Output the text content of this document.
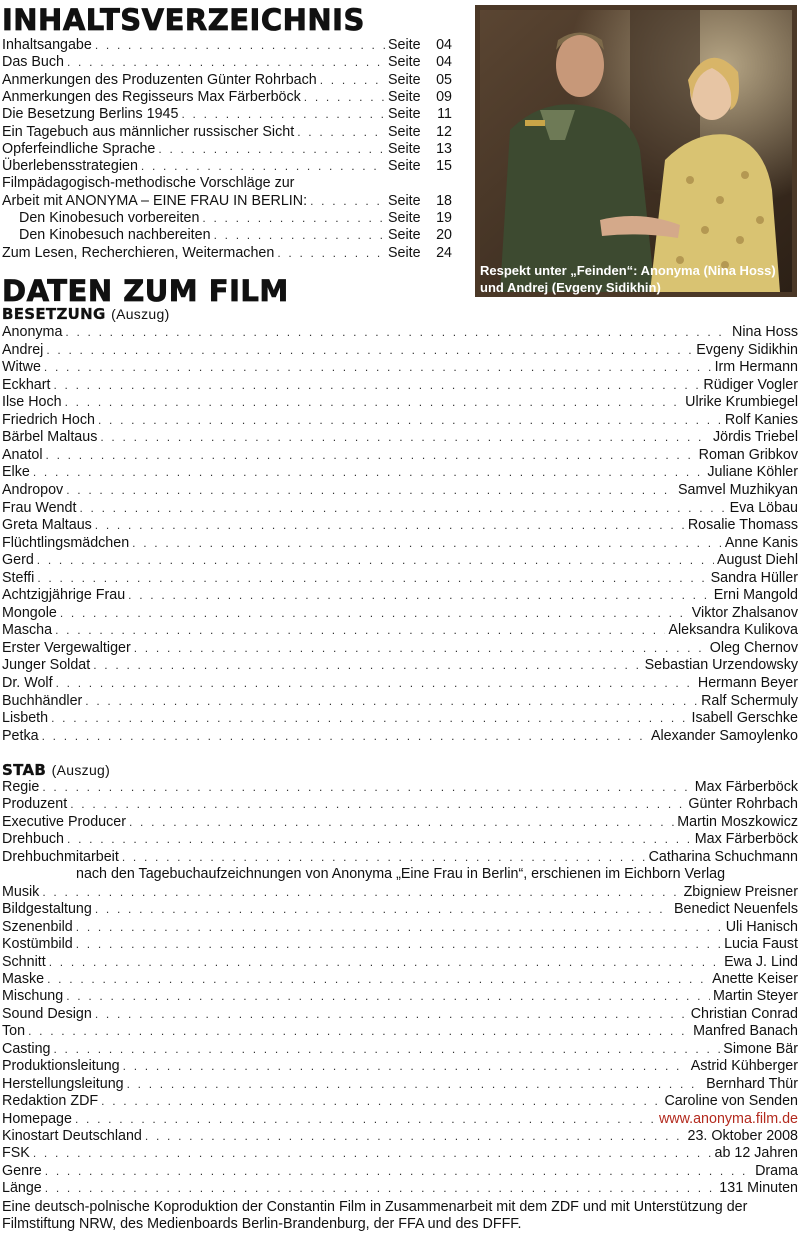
INHALTSVERZEICHNIS
Inhaltsangabe . . .	Seite	04
Das Buch . . .	Seite	04
Anmerkungen des Produzenten Günter Rohrbach . . .	Seite	05
Anmerkungen des Regisseurs Max Färberböck . . .	Seite	09
Die Besetzung Berlins 1945 . . .	Seite	11
Ein Tagebuch aus männlicher russischer Sicht . . .	Seite	12
Opferfeindliche Sprache . . .	Seite	13
Überlebensstrategien . . .	Seite	15
Filmpädagogisch-methodische Vorschläge zur
Arbeit mit ANONYMA – EINE FRAU IN BERLIN: . . .	Seite	18
Den Kinobesuch vorbereiten . . .	Seite	19
Den Kinobesuch nachbereiten . . .	Seite	20
Zum Lesen, Recherchieren, Weitermachen . . .	Seite	24
Respekt unter „Feinden“: Anonyma (Nina Hoss) und Andrej (Evgeny Sidikhin)
DATEN ZUM FILM
BESETZUNG (Auszug)
Anonyma . . .	Nina Hoss
Andrej . . .	Evgeny Sidikhin
Witwe . . .	Irm Hermann
Eckhart . . .	Rüdiger Vogler
Ilse Hoch . . .	Ulrike Krumbiegel
Friedrich Hoch . . .	Rolf Kanies
Bärbel Maltaus . . .	Jördis Triebel
Anatol . . .	Roman Gribkov
Elke . . .	Juliane Köhler
Andropov . . .	Samvel Muzhikyan
Frau Wendt . . .	Eva Löbau
Greta Maltaus . . .	Rosalie Thomass
Flüchtlingsmädchen . . .	Anne Kanis
Gerd . . .	August Diehl
Steffi . . .	Sandra Hüller
Achtzigjährige Frau . . .	Erni Mangold
Mongole . . .	Viktor Zhalsanov
Mascha . . .	Aleksandra Kulikova
Erster Vergewaltiger . . .	Oleg Chernov
Junger Soldat . . .	Sebastian Urzendowsky
Dr. Wolf . . .	Hermann Beyer
Buchhändler . . .	Ralf Schermuly
Lisbeth . . .	Isabell Gerschke
Petka . . .	Alexander Samoylenko
STAB (Auszug)
Regie . . .	Max Färberböck
Produzent . . .	Günter Rohrbach
Executive Producer . . .	Martin Moszkowicz
Drehbuch . . .	Max Färberböck
Drehbuchmitarbeit . . .	Catharina Schuchmann
nach den Tagebuchaufzeichnungen von Anonyma „Eine Frau in Berlin“, erschienen im Eichborn Verlag
Musik . . .	Zbigniew Preisner
Bildgestaltung . . .	Benedict Neuenfels
Szenenbild . . .	Uli Hanisch
Kostümbild . . .	Lucia Faust
Schnitt . . .	Ewa J. Lind
Maske . . .	Anette Keiser
Mischung . . .	Martin Steyer
Sound Design . . .	Christian Conrad
Ton . . .	Manfred Banach
Casting . . .	Simone Bär
Produktionsleitung . . .	Astrid Kühberger
Herstellungsleitung . . .	Bernhard Thür
Redaktion ZDF . . .	Caroline von Senden
Homepage . . .	www.anonyma.film.de
Kinostart Deutschland . . .	23. Oktober 2008
FSK . . .	ab 12 Jahren
Genre . . .	Drama
Länge . . .	131 Minuten
Eine deutsch-polnische Koproduktion der Constantin Film in Zusammenarbeit mit dem ZDF und mit Unterstützung der Filmstiftung NRW, des Medienboards Berlin-Brandenburg, der FFA und des DFFF.
